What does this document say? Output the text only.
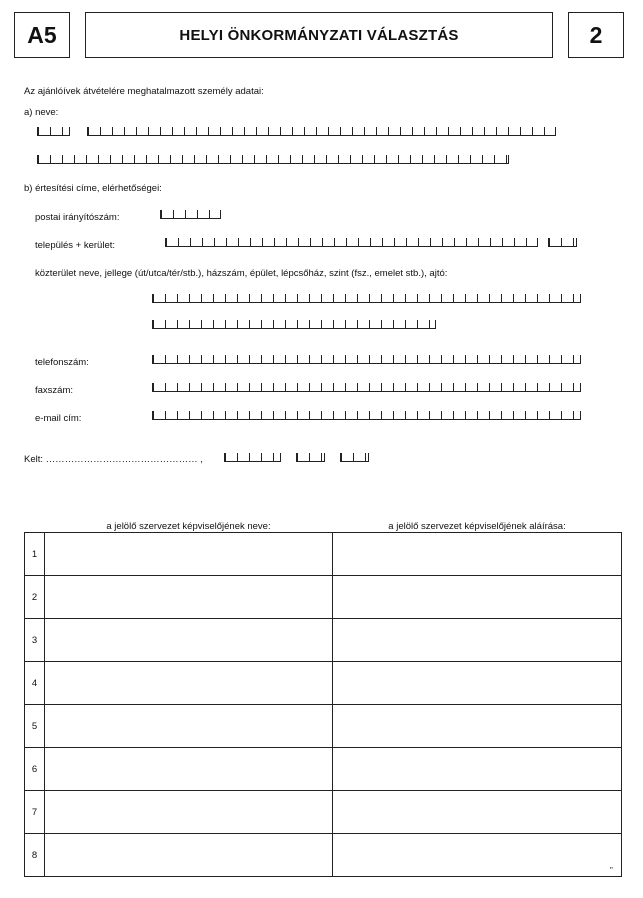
A5	HELYI ÖNKORMÁNYZATI VÁLASZTÁS	2
Az ajánlóívek átvételére meghatalmazott személy adatai:
a) neve:
b) értesítési címe, elérhetőségei:
postai irányítószám:
település + kerület:
közterület neve, jellege (út/utca/tér/stb.), házszám, épület, lépcsőház, szint (fsz., emelet stb.), ajtó:
telefonszám:
faxszám:
e-mail cím:
Kelt: ………………………………………… ,
	a jelölő szervezet képviselőjének neve:	a jelölő szervezet képviselőjének aláírása:
1		
2		
3		
4		
5		
6		
7		
8		
"
